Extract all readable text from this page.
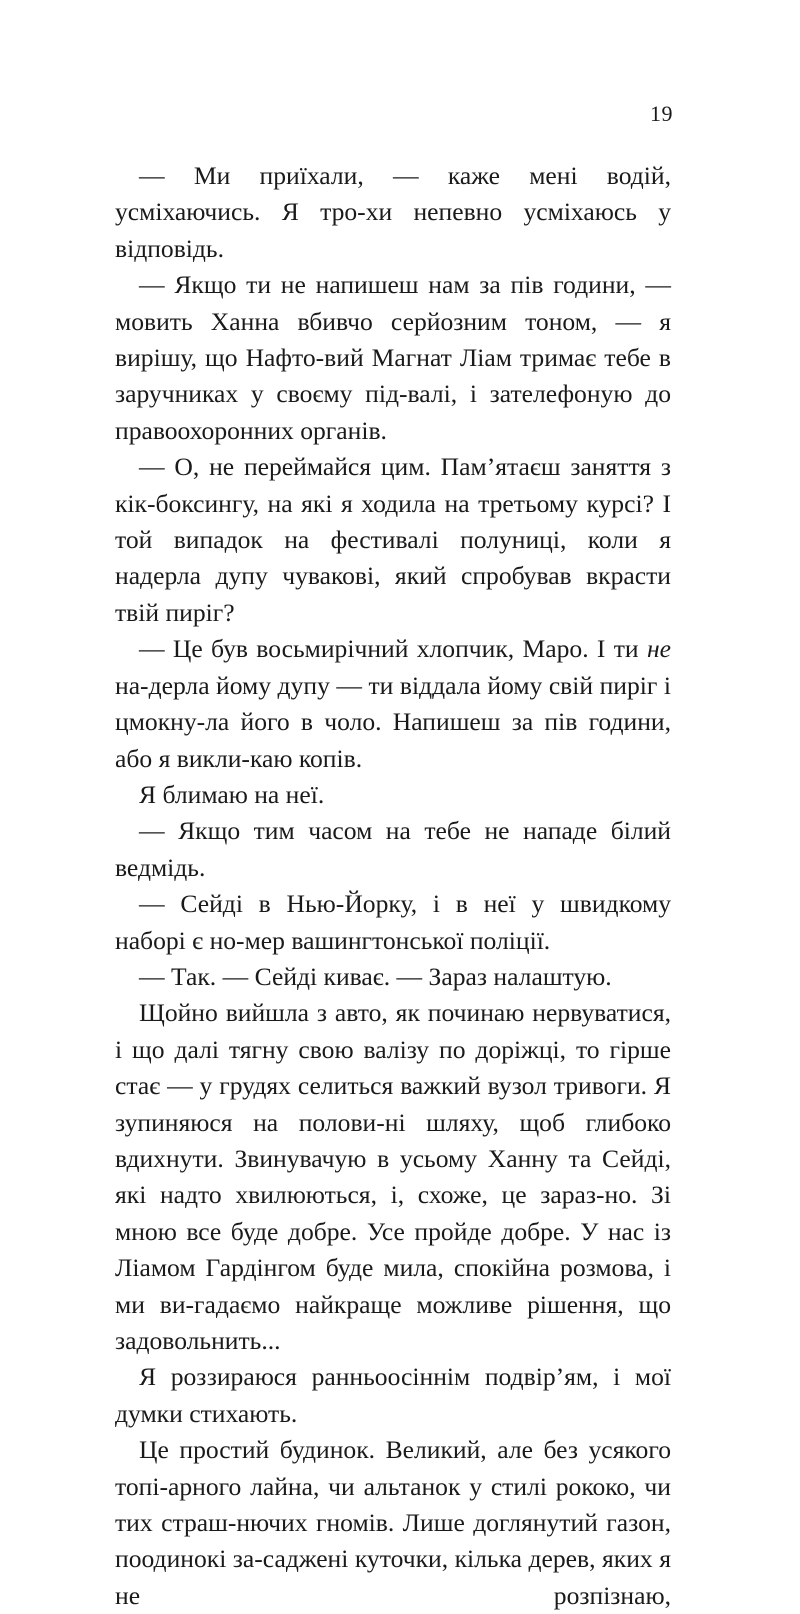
19

— Ми приїхали, — каже мені водій, усміхаючись. Я тро-хи непевно усміхаюсь у відповідь.

— Якщо ти не напишеш нам за пів години, — мовить Ханна вбивчо серйозним тоном, — я вирішу, що Нафто-вий Магнат Ліам тримає тебе в заручниках у своєму під-валі, і зателефоную до правоохоронних органів.

— О, не переймайся цим. Пам’ятаєш заняття з кік-боксингу, на які я ходила на третьому курсі? І той випадок на фестивалі полуниці, коли я надерла дупу чувакові, який спробував вкрасти твій пиріг?

— Це був восьмирічний хлопчик, Маро. І ти не на-дерла йому дупу — ти віддала йому свій пиріг і цмокну-ла його в чоло. Напишеш за пів години, або я викли-каю копів.

Я блимаю на неї.

— Якщо тим часом на тебе не нападе білий ведмідь.

— Сейді в Нью-Йорку, і в неї у швидкому наборі є но-мер вашингтонської поліції.

— Так. — Сейді киває. — Зараз налаштую.

Щойно вийшла з авто, як починаю нервуватися, і що далі тягну свою валізу по доріжці, то гірше стає — у грудях селиться важкий вузол тривоги. Я зупиняюся на полови-ні шляху, щоб глибоко вдихнути. Звинувачую в усьому Ханну та Сейді, які надто хвилюються, і, схоже, це зараз-но. Зі мною все буде добре. Усе пройде добре. У нас із Ліамом Гардінгом буде мила, спокійна розмова, і ми ви-гадаємо найкраще можливе рішення, що задовольнить...

Я роззираюся ранньоосіннім подвір’ям, і мої думки стихають.

Це простий будинок. Великий, але без усякого топі-арного лайна, чи альтанок у стилі рококо, чи тих страш-нючих гномів. Лише доглянутий газон, поодинокі за-саджені куточки, кілька дерев, яких я не розпізнаю,
